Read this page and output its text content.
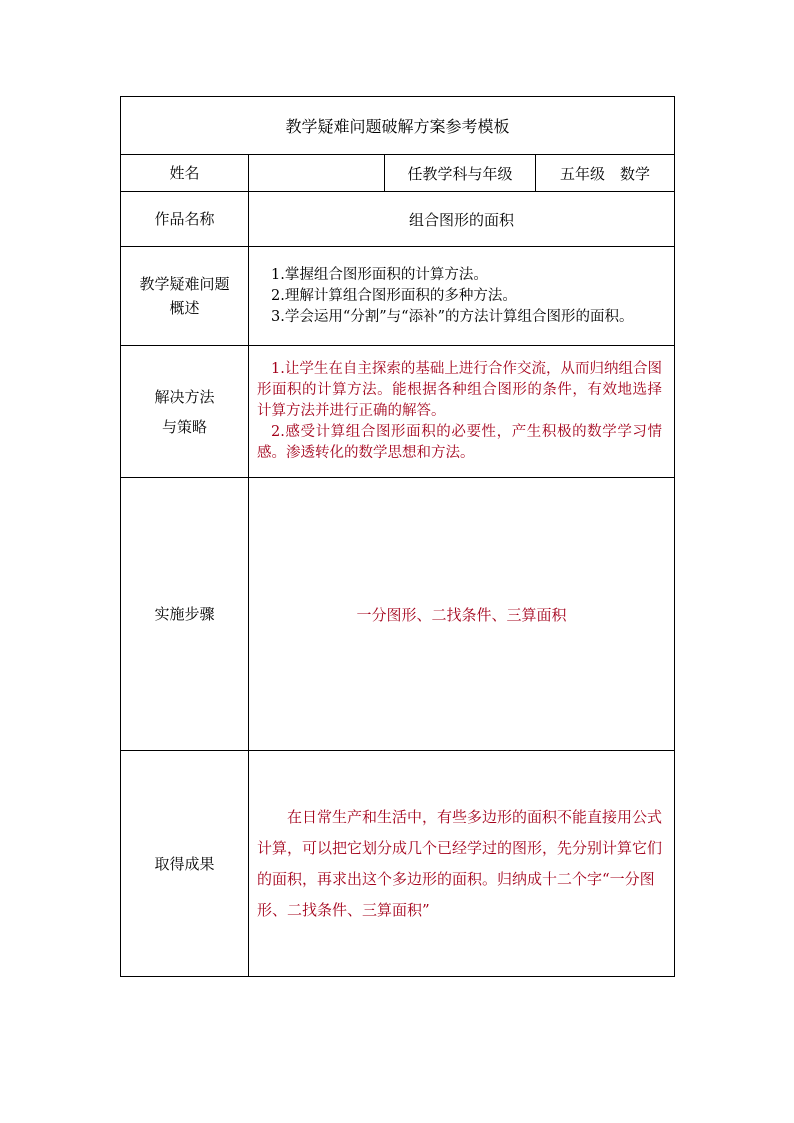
教学疑难问题破解方案参考模板			
姓名		任教学科与年级	五年级　数学
作品名称	组合图形的面积		
教学疑难问题概述	1.掌握组合图形面积的计算方法。
2.理解计算组合图形面积的多种方法。
3.学会运用“分割”与“添补”的方法计算组合图形的面积。		

解决方法与策略	1.让学生在自主探索的基础上进行合作交流，从而归纳组合图形面积的计算方法。能根据各种组合图形的条件，有效地选择计算方法并进行正确的解答。
2.感受计算组合图形面积的必要性，产生积极的数学学习情感。渗透转化的数学思想和方法。		

实施步骤	一分图形、二找条件、三算面积		
取得成果	在日常生产和生活中，有些多边形的面积不能直接用公式计算，可以把它划分成几个已经学过的图形，先分别计算它们的面积，再求出这个多边形的面积。归纳成十二个字“一分图形、二找条件、三算面积”		
